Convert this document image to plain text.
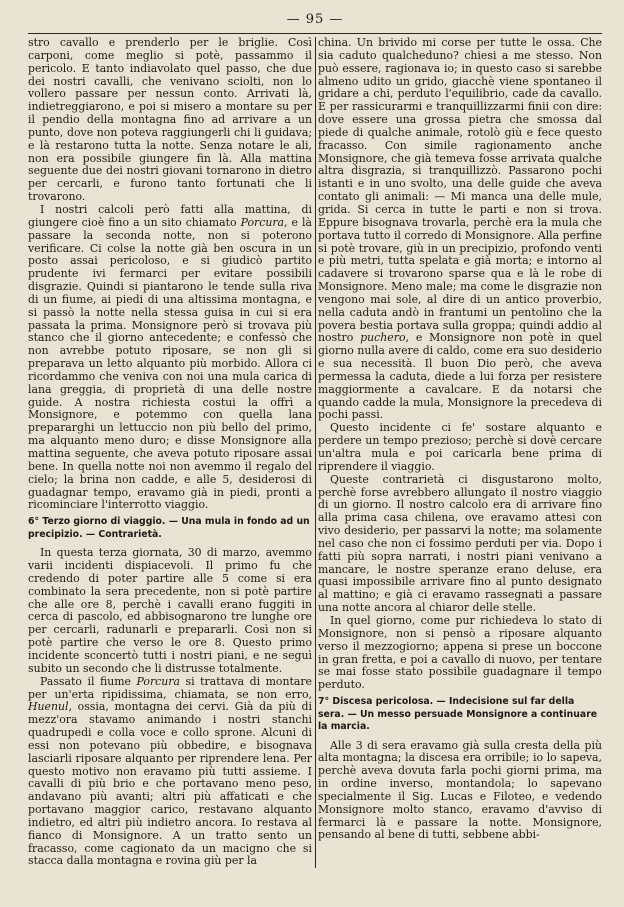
— 95 —

stro cavallo e prenderlo per le briglie. Così carponi, come meglio si potè, passammo il pericolo. E tanto indiavolato quel passo, che due dei nostri cavalli, che venivano sciolti, non lo vollero passare per nessun conto. Arrivati là, indietreggiarono, e poi si misero a montare su per il pendio della montagna fino ad arrivare a un punto, dove non poteva raggiungerli chi li guidava; e là restarono tutta la notte. Senza notare le ali, non era possibile giungere fin là. Alla mattina seguente due dei nostri giovani tornarono in dietro per cercarli, e furono tanto fortunati che li trovarono.

I nostri calcoli però fatti alla mattina, di giungere cioè fino a un sito chiamato Porcura, e là passare la seconda notte, non si poterono verificare. Ci colse la notte già ben oscura in un posto assai pericoloso, e si giudicò partito prudente ivi fermarci per evitare possibili disgrazie. Quindi si piantarono le tende sulla riva di un fiume, ai piedi di una altissima montagna, e si passò la notte nella stessa guisa in cui si era passata la prima. Monsignore però si trovava più stanco che il giorno antecedente; e confessò che non avrebbe potuto riposare, se non gli si preparava un letto alquanto più morbido. Allora ci ricordammo che veniva con noi una mula carica di lana greggia, di proprietà di una delle nostre guide. A nostra richiesta costui la offrì a Monsignore, e potemmo con quella lana prepararghi un lettuccio non più bello del primo, ma alquanto meno duro; e disse Monsignore alla mattina seguente, che aveva potuto riposare assai bene. In quella notte noi non avemmo il regalo del cielo; la brina non cadde, e alle 5, desiderosi di guadagnar tempo, eravamo già in piedi, pronti a ricominciare l'interrotto viaggio.

6° Terzo giorno di viaggio. — Una mula in fondo ad un precipizio. — Contrarietà.

In questa terza giornata, 30 di marzo, avemmo varii incidenti dispiacevoli. Il primo fu che credendo di poter partire alle 5 come si era combinato la sera precedente, non si potè partire che alle ore 8, perchè i cavalli erano fuggiti in cerca di pascolo, ed abbisognarono tre lunghe ore per cercarli, radunarli e prepararli. Così non si potè partire che verso le ore 8. Questo primo incidente sconcertò tutti i nostri piani, e ne seguì subito un secondo che li distrusse totalmente.

Passato il fiume Porcura si trattava di montare per un'erta ripidissima, chiamata, se non erro, Huenul, ossia, montagna dei cervi. Già da più di mezz'ora stavamo animando i nostri stanchi quadrupedi e colla voce e collo sprone. Alcuni di essi non potevano più obbedire, e bisognava lasciarli riposare alquanto per riprendere lena. Per questo motivo non eravamo più tutti assieme. I cavalli di più brio e che portavano meno peso, andavano più avanti; altri più affaticati e che portavano maggior carico, restavano alquanto indietro, ed altri più indietro ancora. Io restava al fianco di Monsignore. A un tratto sento un fracasso, come cagionato da un macigno che si stacca dalla montagna e rovina giù per la

china. Un brivido mi corse per tutte le ossa. Che sia caduto qualcheduno? chiesi a me stesso. Non può essere, ragionava io; in questo caso si sarebbe almeno udito un grido, giacchè viene spontaneo il gridare a chi, perduto l'equilibrio, cade da cavallo. E per rassicurarmi e tranquillizzarmi finii con dire: dove essere una grossa pietra che smossa dal piede di qualche animale, rotolò giù e fece questo fracasso. Con simile ragionamento anche Monsignore, che già temeva fosse arrivata qualche altra disgrazia, si tranquillizzò. Passarono pochi istanti e in uno svolto, una delle guide che aveva contato gli animali: — Mi manca una delle mule, grida. Si cerca in tutte le parti e non si trova. Eppure bisognava trovarla, perchè era la mula che portava tutto il corredo di Monsignore. Alla perfine si potè trovare, giù in un precipizio, profondo venti e più metri, tutta spelata e già morta; e intorno al cadavere si trovarono sparse qua e là le robe di Monsignore. Meno male; ma come le disgrazie non vengono mai sole, al dire di un antico proverbio, nella caduta andò in frantumi un pentolino che la povera bestia portava sulla groppa; quindi addio al nostro puchero, e Monsignore non potè in quel giorno nulla avere di caldo, come era suo desiderio e sua necessità. Il buon Dio però, che aveva permessa la caduta, diede a lui forza per resistere maggiormente a cavalcare. E da notarsi che quando cadde la mula, Monsignore la precedeva di pochi passi.

Questo incidente ci fe' sostare alquanto e perdere un tempo prezioso; perchè si dovè cercare un'altra mula e poi caricarla bene prima di riprendere il viaggio.

Queste contrarietà ci disgustarono molto, perchè forse avrebbero allungato il nostro viaggio di un giorno. Il nostro calcolo era di arrivare fino alla prima casa chilena, ove eravamo attesi con vivo desiderio, per passarvi la notte; ma solamente nel caso che non ci fossimo perduti per via. Dopo i fatti più sopra narrati, i nostri piani venivano a mancare, le nostre speranze erano deluse, era quasi impossibile arrivare fino al punto designato al mattino; e già ci eravamo rassegnati a passare una notte ancora al chiaror delle stelle.

In quel giorno, come pur richiedeva lo stato di Monsignore, non si pensò a riposare alquanto verso il mezzogiorno; appena si prese un boccone in gran fretta, e poi a cavallo di nuovo, per tentare se mai fosse stato possibile guadagnare il tempo perduto.

7° Discesa pericolosa. — Indecisione sul far della sera. — Un messo persuade Monsignore a continuare la marcia.

Alle 3 di sera eravamo già sulla cresta della più alta montagna; la discesa era orribile; io lo sapeva, perchè aveva dovuta farla pochi giorni prima, ma in ordine inverso, montandola; lo sapevano specialmente il Sig. Lucas e Filoteo, e vedendo Monsignore molto stanco, eravamo d'avviso di fermarci là e passare la notte. Monsignore, pensando al bene di tutti, sebbene abbi-
